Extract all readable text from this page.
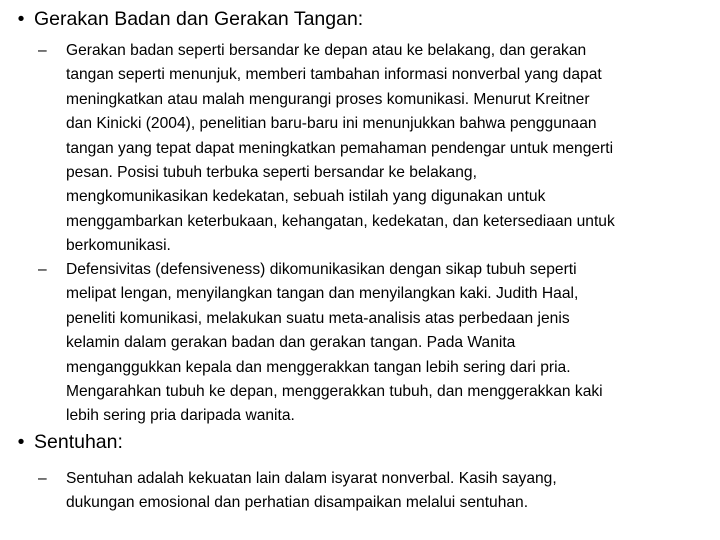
• Gerakan Badan dan Gerakan Tangan:
–	Gerakan badan seperti bersandar ke depan atau ke belakang, dan gerakan
tangan seperti menunjuk, memberi tambahan informasi nonverbal yang dapat
meningkatkan atau malah mengurangi proses komunikasi. Menurut Kreitner
dan Kinicki (2004), penelitian baru-baru ini menunjukkan bahwa penggunaan
tangan yang tepat dapat meningkatkan pemahaman pendengar untuk mengerti
pesan. Posisi tubuh terbuka seperti bersandar ke belakang,
mengkomunikasikan kedekatan, sebuah istilah yang digunakan untuk
menggambarkan keterbukaan, kehangatan, kedekatan, dan ketersediaan untuk
berkomunikasi.
–	Defensivitas (defensiveness) dikomunikasikan dengan sikap tubuh seperti
melipat lengan, menyilangkan tangan dan menyilangkan kaki. Judith Haal,
peneliti komunikasi, melakukan suatu meta-analisis atas perbedaan jenis
kelamin dalam gerakan badan dan gerakan tangan. Pada Wanita
menganggukkan kepala dan menggerakkan tangan lebih sering dari pria.
Mengarahkan tubuh ke depan, menggerakkan tubuh, dan menggerakkan kaki
lebih sering pria daripada wanita.
• Sentuhan:
–	Sentuhan adalah kekuatan lain dalam isyarat nonverbal. Kasih sayang,
dukungan emosional dan perhatian disampaikan melalui sentuhan.
